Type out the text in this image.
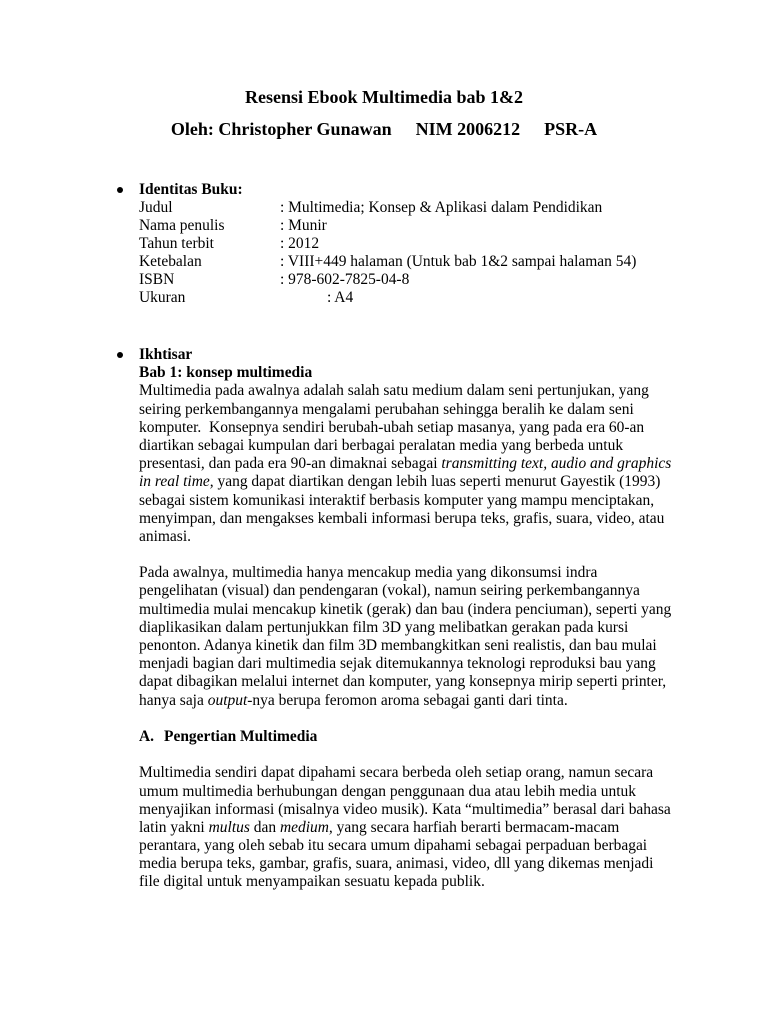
Resensi Ebook Multimedia bab 1&2
Oleh: Christopher Gunawan NIM 2006212 PSR-A
Identitas Buku:
Judul	: Multimedia; Konsep & Aplikasi dalam Pendidikan
Nama penulis	: Munir
Tahun terbit	: 2012
Ketebalan	: VIII+449 halaman (Untuk bab 1&2 sampai halaman 54)
ISBN	: 978-602-7825-04-8
Ukuran	: A4
Ikhtisar
Bab 1: konsep multimedia
Multimedia pada awalnya adalah salah satu medium dalam seni pertunjukan, yang
seiring perkembangannya mengalami perubahan sehingga beralih ke dalam seni
komputer.  Konsepnya sendiri berubah-ubah setiap masanya, yang pada era 60-an
diartikan sebagai kumpulan dari berbagai peralatan media yang berbeda untuk
presentasi, dan pada era 90-an dimaknai sebagai transmitting text, audio and graphics
in real time, yang dapat diartikan dengan lebih luas seperti menurut Gayestik (1993)
sebagai sistem komunikasi interaktif berbasis komputer yang mampu menciptakan,
menyimpan, dan mengakses kembali informasi berupa teks, grafis, suara, video, atau
animasi.
Pada awalnya, multimedia hanya mencakup media yang dikonsumsi indra
pengelihatan (visual) dan pendengaran (vokal), namun seiring perkembangannya
multimedia mulai mencakup kinetik (gerak) dan bau (indera penciuman), seperti yang
diaplikasikan dalam pertunjukkan film 3D yang melibatkan gerakan pada kursi
penonton. Adanya kinetik dan film 3D membangkitkan seni realistis, dan bau mulai
menjadi bagian dari multimedia sejak ditemukannya teknologi reproduksi bau yang
dapat dibagikan melalui internet dan komputer, yang konsepnya mirip seperti printer,
hanya saja output-nya berupa feromon aroma sebagai ganti dari tinta.
A. Pengertian Multimedia
Multimedia sendiri dapat dipahami secara berbeda oleh setiap orang, namun secara
umum multimedia berhubungan dengan penggunaan dua atau lebih media untuk
menyajikan informasi (misalnya video musik). Kata “multimedia” berasal dari bahasa
latin yakni multus dan medium, yang secara harfiah berarti bermacam-macam
perantara, yang oleh sebab itu secara umum dipahami sebagai perpaduan berbagai
media berupa teks, gambar, grafis, suara, animasi, video, dll yang dikemas menjadi
file digital untuk menyampaikan sesuatu kepada publik.
